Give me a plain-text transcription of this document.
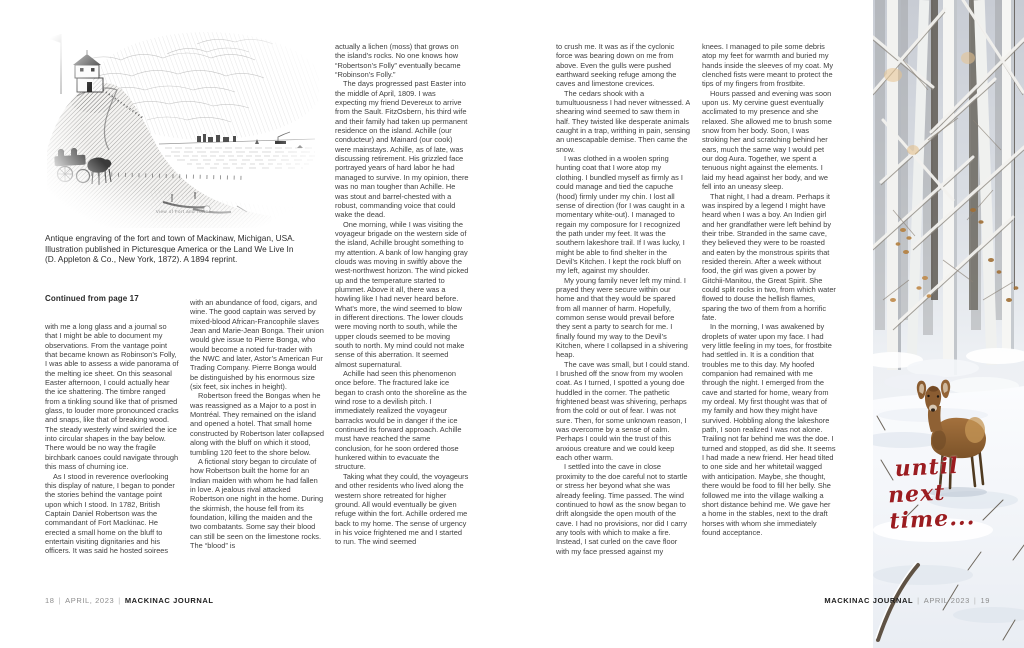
View of Fort and Town.
Antique engraving of the fort and town of Mackinaw, Michigan, USA.
Illustration published in Picturesque America or the Land We Live In
(D. Appleton & Co., New York, 1872). A 1894 reprint.
Continued from page 17

with me a long glass and a journal so that I might be able to document my observations. From the vantage point that became known as Robinson’s Folly, I was able to assess a wide panorama of the melting ice sheet. On this seasonal Easter afternoon, I could actually hear the ice shattering. The timbre ranged from a tinkling sound like that of prismed glass, to louder more pronounced cracks and snaps, like that of breaking wood. The steady westerly wind swirled the ice into circular shapes in the bay below. There would be no way the fragile birchbark canoes could navigate through this mass of churning ice.

As I stood in reverence overlooking this display of nature, I began to ponder the stories behind the vantage point upon which I stood. In 1782, British Captain Daniel Robertson was the commandant of Fort Mackinac. He erected a small home on the bluff to entertain visiting dignitaries and his officers. It was said he hosted soirees

with an abundance of food, cigars, and wine. The good captain was served by mixed-blood African-Francophile slaves Jean and Marie-Jean Bonga. Their union would give issue to Pierre Bonga, who would become a noted fur-trader with the NWC and later, Astor’s American Fur Trading Company. Pierre Bonga would be distinguished by his enormous size (six feet, six inches in height).

Robertson freed the Bongas when he was reassigned as a Major to a post in Montréal. They remained on the island and opened a hotel. That small home constructed by Robertson later collapsed along with the bluff on which it stood, tumbling 120 feet to the shore below.

A fictional story began to circulate of how Robertson built the home for an Indian maiden with whom he had fallen in love. A jealous rival attacked Robertson one night in the home. During the skirmish, the house fell from its foundation, killing the maiden and the two combatants. Some say their blood can still be seen on the limestone rocks. The “blood” is

actually a lichen (moss) that grows on the island’s rocks. No one knows how “Robertson’s Folly” eventually became “Robinson’s Folly.”

The days progressed past Easter into the middle of April, 1809. I was expecting my friend Devereux to arrive from the Sault. FitzOsbern, his third wife and their family had taken up permanent residence on the island. Achille (our conducteur) and Mainard (our cook) were mainstays. Achille, as of late, was discussing retirement. His grizzled face portrayed years of hard labor he had managed to survive. In my opinion, there was no man tougher than Achille. He was stout and barrel-chested with a robust, commanding voice that could wake the dead.

One morning, while I was visiting the voyageur brigade on the western side of the island, Achille brought something to my attention. A bank of low hanging gray clouds was moving in swiftly above the west-northwest horizon. The wind picked up and the temperature started to plummet. Above it all, there was a howling like I had never heard before. What’s more, the wind seemed to blow in different directions. The lower clouds were moving north to south, while the upper clouds seemed to be moving south to north. My mind could not make sense of this aberration. It seemed almost supernatural.

Achille had seen this phenomenon once before. The fractured lake ice began to crash onto the shoreline as the wind rose to a devilish pitch. I immediately realized the voyageur barracks would be in danger if the ice continued its forward approach. Achille must have reached the same conclusion, for he soon ordered those hunkered within to evacuate the structure.

Taking what they could, the voyageurs and other residents who lived along the western shore retreated for higher ground. All would eventually be given refuge within the fort. Achille ordered me back to my home. The sense of urgency in his voice frightened me and I started to run. The wind seemed

to crush me. It was as if the cyclonic force was bearing down on me from above. Even the gulls were pushed earthward seeking refuge among the caves and limestone crevices.

The cedars shook with a tumultuousness I had never witnessed. A shearing wind seemed to saw them in half. They twisted like desperate animals caught in a trap, writhing in pain, sensing an unescapable demise. Then came the snow.

I was clothed in a woolen spring hunting coat that I wore atop my clothing. I bundled myself as firmly as I could manage and tied the capuche (hood) firmly under my chin. I lost all sense of direction (for I was caught in a momentary white-out). I managed to regain my composure for I recognized the path under my feet. It was the southern lakeshore trail. If I was lucky, I might be able to find shelter in the Devil’s Kitchen. I kept the rock bluff on my left, against my shoulder.

My young family never left my mind. I prayed they were secure within our home and that they would be spared from all manner of harm. Hopefully, common sense would prevail before they sent a party to search for me. I finally found my way to the Devil’s Kitchen, where I collapsed in a shivering heap.

The cave was small, but I could stand. I brushed off the snow from my woolen coat. As I turned, I spotted a young doe huddled in the corner. The pathetic frightened beast was shivering, perhaps from the cold or out of fear. I was not sure. Then, for some unknown reason, I was overcome by a sense of calm. Perhaps I could win the trust of this anxious creature and we could keep each other warm.

I settled into the cave in close proximity to the doe careful not to startle or stress her beyond what she was already feeling. Time passed. The wind continued to howl as the snow began to drift alongside the open mouth of the cave. I had no provisions, nor did I carry any tools with which to make a fire. Instead, I sat curled on the cave floor with my face pressed against my

knees. I managed to pile some debris atop my feet for warmth and buried my hands inside the sleeves of my coat. My clenched fists were meant to protect the tips of my fingers from frostbite.

Hours passed and evening was soon upon us. My cervine guest eventually acclimated to my presence and she relaxed. She allowed me to brush some snow from her body. Soon, I was stroking her and scratching behind her ears, much the same way I would pet our dog Aura. Together, we spent a tenuous night against the elements. I laid my head against her body, and we fell into an uneasy sleep.

That night, I had a dream. Perhaps it was inspired by a legend I might have heard when I was a boy. An Indien girl and her grandfather were left behind by their tribe. Stranded in the same cave, they believed they were to be roasted and eaten by the monstrous spirits that resided therein. After a week without food, the girl was given a power by Gitchii-Manitou, the Great Spirit. She could split rocks in two, from which water flowed to douse the hellish flames, sparing the two of them from a horrific fate.

In the morning, I was awakened by droplets of water upon my face. I had very little feeling in my toes, for frostbite had settled in. It is a condition that troubles me to this day. My hoofed companion had remained with me through the night. I emerged from the cave and started for home, weary from my ordeal. My first thought was that of my family and how they might have survived. Hobbling along the lakeshore path, I soon realized I was not alone. Trailing not far behind me was the doe. I turned and stopped, as did she. It seems I had made a new friend. Her head tilted to one side and her whitetail wagged with anticipation. Maybe, she thought, there would be food to fill her belly. She followed me into the village walking a short distance behind me. We gave her a home in the stables, next to the draft horses with whom she immediately found acceptance.

until
next time...
18 | APRIL, 2023 | MACKINAC JOURNAL	MACKINAC JOURNAL | APRIL 2023 | 19
